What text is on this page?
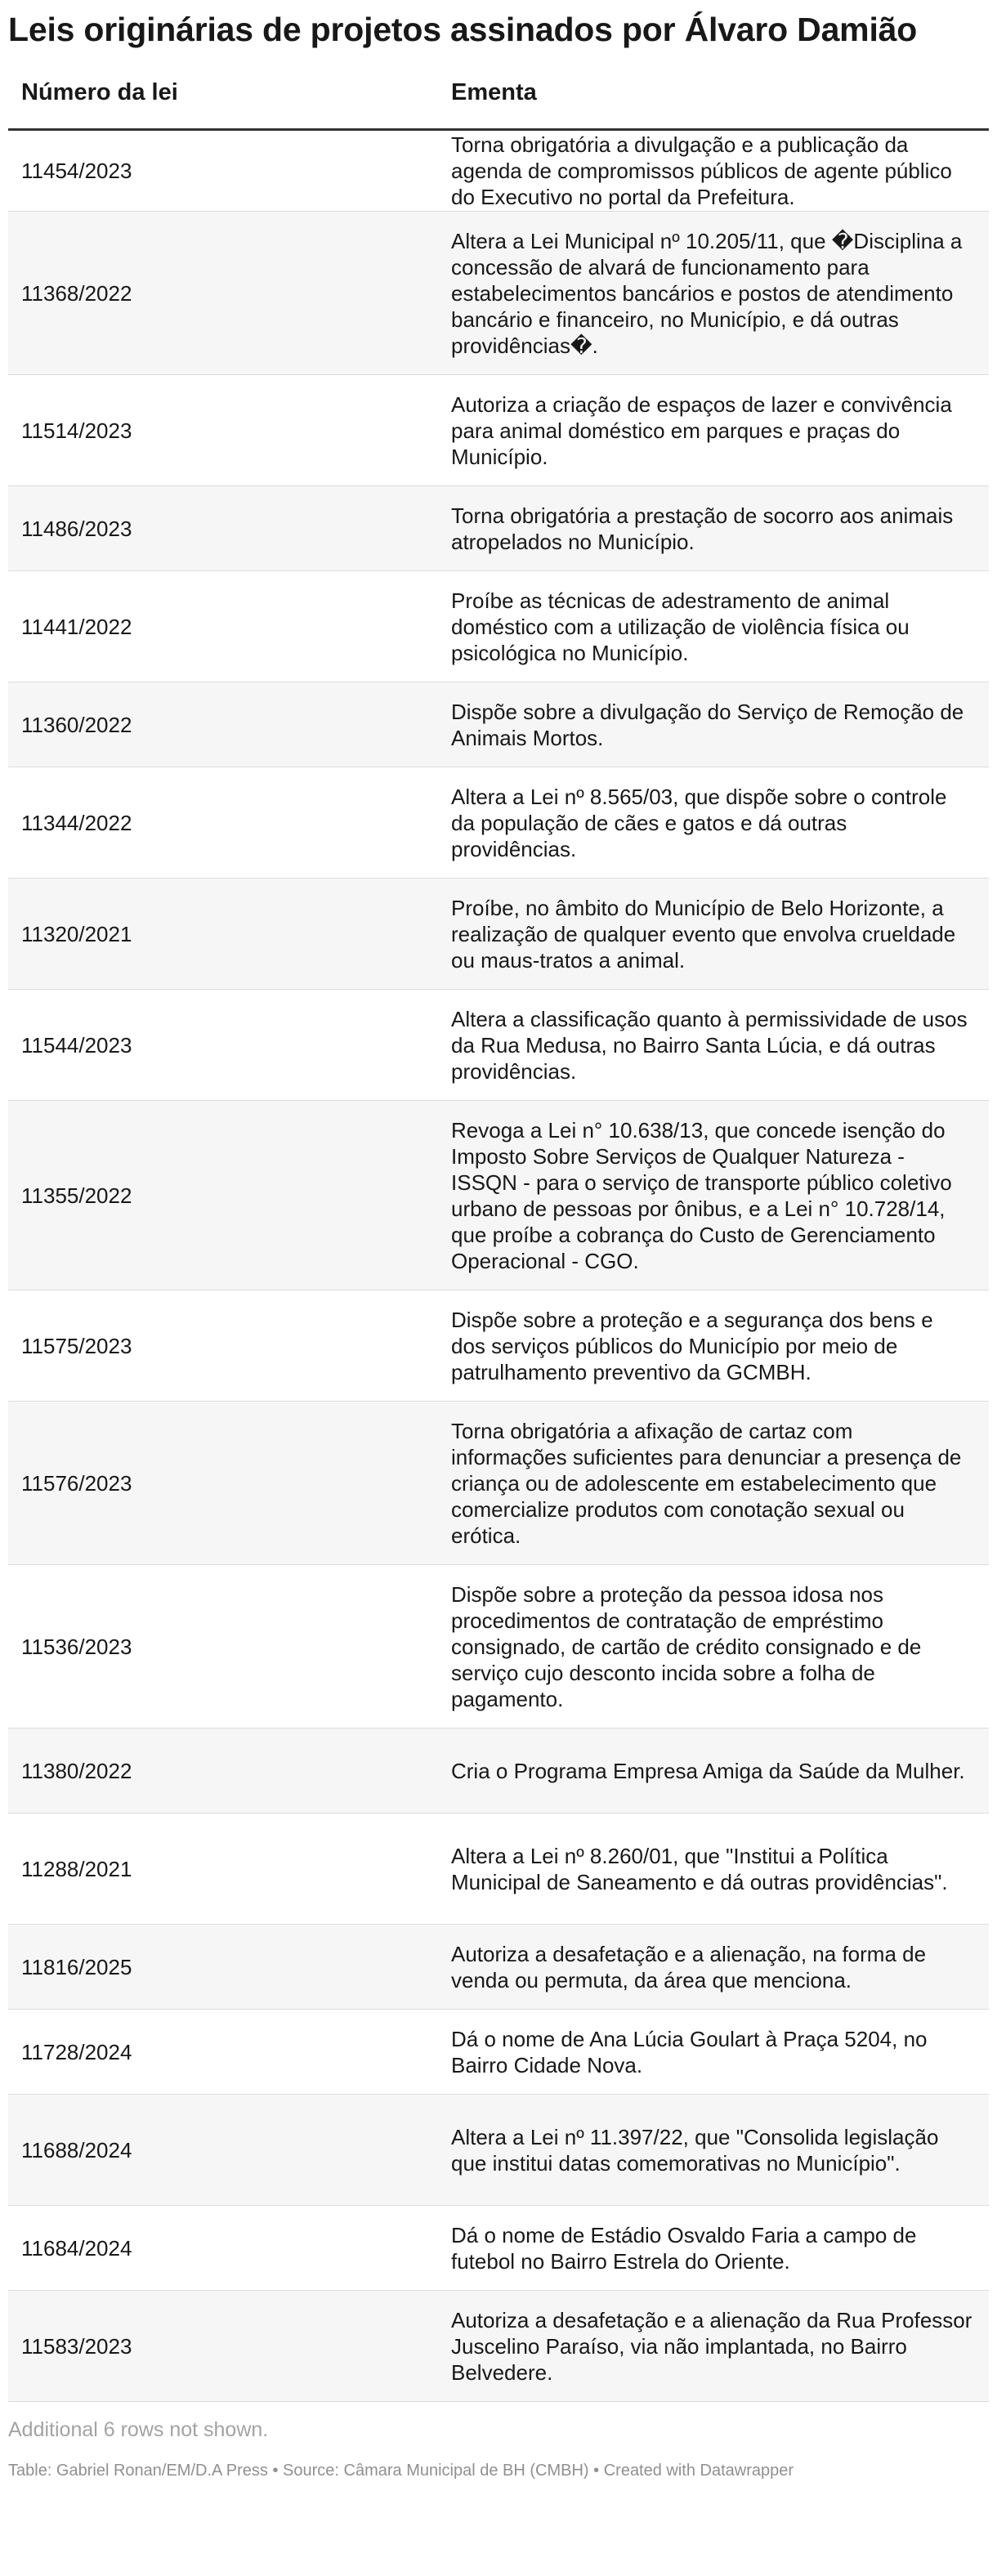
Leis originárias de projetos assinados por Álvaro Damião
Número da lei	Ementa
11454/2023	Torna obrigatória a divulgação e a publicação da agenda de compromissos públicos de agente público do Executivo no portal da Prefeitura.
11368/2022	Altera a Lei Municipal nº 10.205/11, que �Disciplina a concessão de alvará de funcionamento para estabelecimentos bancários e postos de atendimento bancário e financeiro, no Município, e dá outras providências�.
11514/2023	Autoriza a criação de espaços de lazer e convivência para animal doméstico em parques e praças do Município.
11486/2023	Torna obrigatória a prestação de socorro aos animais atropelados no Município.
11441/2022	Proíbe as técnicas de adestramento de animal doméstico com a utilização de violência física ou psicológica no Município.
11360/2022	Dispõe sobre a divulgação do Serviço de Remoção de Animais Mortos.
11344/2022	Altera a Lei nº 8.565/03, que dispõe sobre o controle da população de cães e gatos e dá outras providências.
11320/2021	Proíbe, no âmbito do Município de Belo Horizonte, a realização de qualquer evento que envolva crueldade ou maus-tratos a animal.
11544/2023	Altera a classificação quanto à permissividade de usos da Rua Medusa, no Bairro Santa Lúcia, e dá outras providências.
11355/2022	Revoga a Lei n° 10.638/13, que concede isenção do Imposto Sobre Serviços de Qualquer Natureza - ISSQN - para o serviço de transporte público coletivo urbano de pessoas por ônibus, e a Lei n° 10.728/14, que proíbe a cobrança do Custo de Gerenciamento Operacional - CGO.
11575/2023	Dispõe sobre a proteção e a segurança dos bens e dos serviços públicos do Município por meio de patrulhamento preventivo da GCMBH.
11576/2023	Torna obrigatória a afixação de cartaz com informações suficientes para denunciar a presença de criança ou de adolescente em estabelecimento que comercialize produtos com conotação sexual ou erótica.
11536/2023	Dispõe sobre a proteção da pessoa idosa nos procedimentos de contratação de empréstimo consignado, de cartão de crédito consignado e de serviço cujo desconto incida sobre a folha de pagamento.
11380/2022	Cria o Programa Empresa Amiga da Saúde da Mulher.
11288/2021	Altera a Lei nº 8.260/01, que "Institui a Política Municipal de Saneamento e dá outras providências".
11816/2025	Autoriza a desafetação e a alienação, na forma de venda ou permuta, da área que menciona.
11728/2024	Dá o nome de Ana Lúcia Goulart à Praça 5204, no Bairro Cidade Nova.
11688/2024	Altera a Lei nº 11.397/22, que "Consolida legislação que institui datas comemorativas no Município".
11684/2024	Dá o nome de Estádio Osvaldo Faria a campo de futebol no Bairro Estrela do Oriente.
11583/2023	Autoriza a desafetação e a alienação da Rua Professor Juscelino Paraíso, via não implantada, no Bairro Belvedere.
Additional 6 rows not shown.
Table: Gabriel Ronan/EM/D.A Press • Source: Câmara Municipal de BH (CMBH) • Created with Datawrapper
